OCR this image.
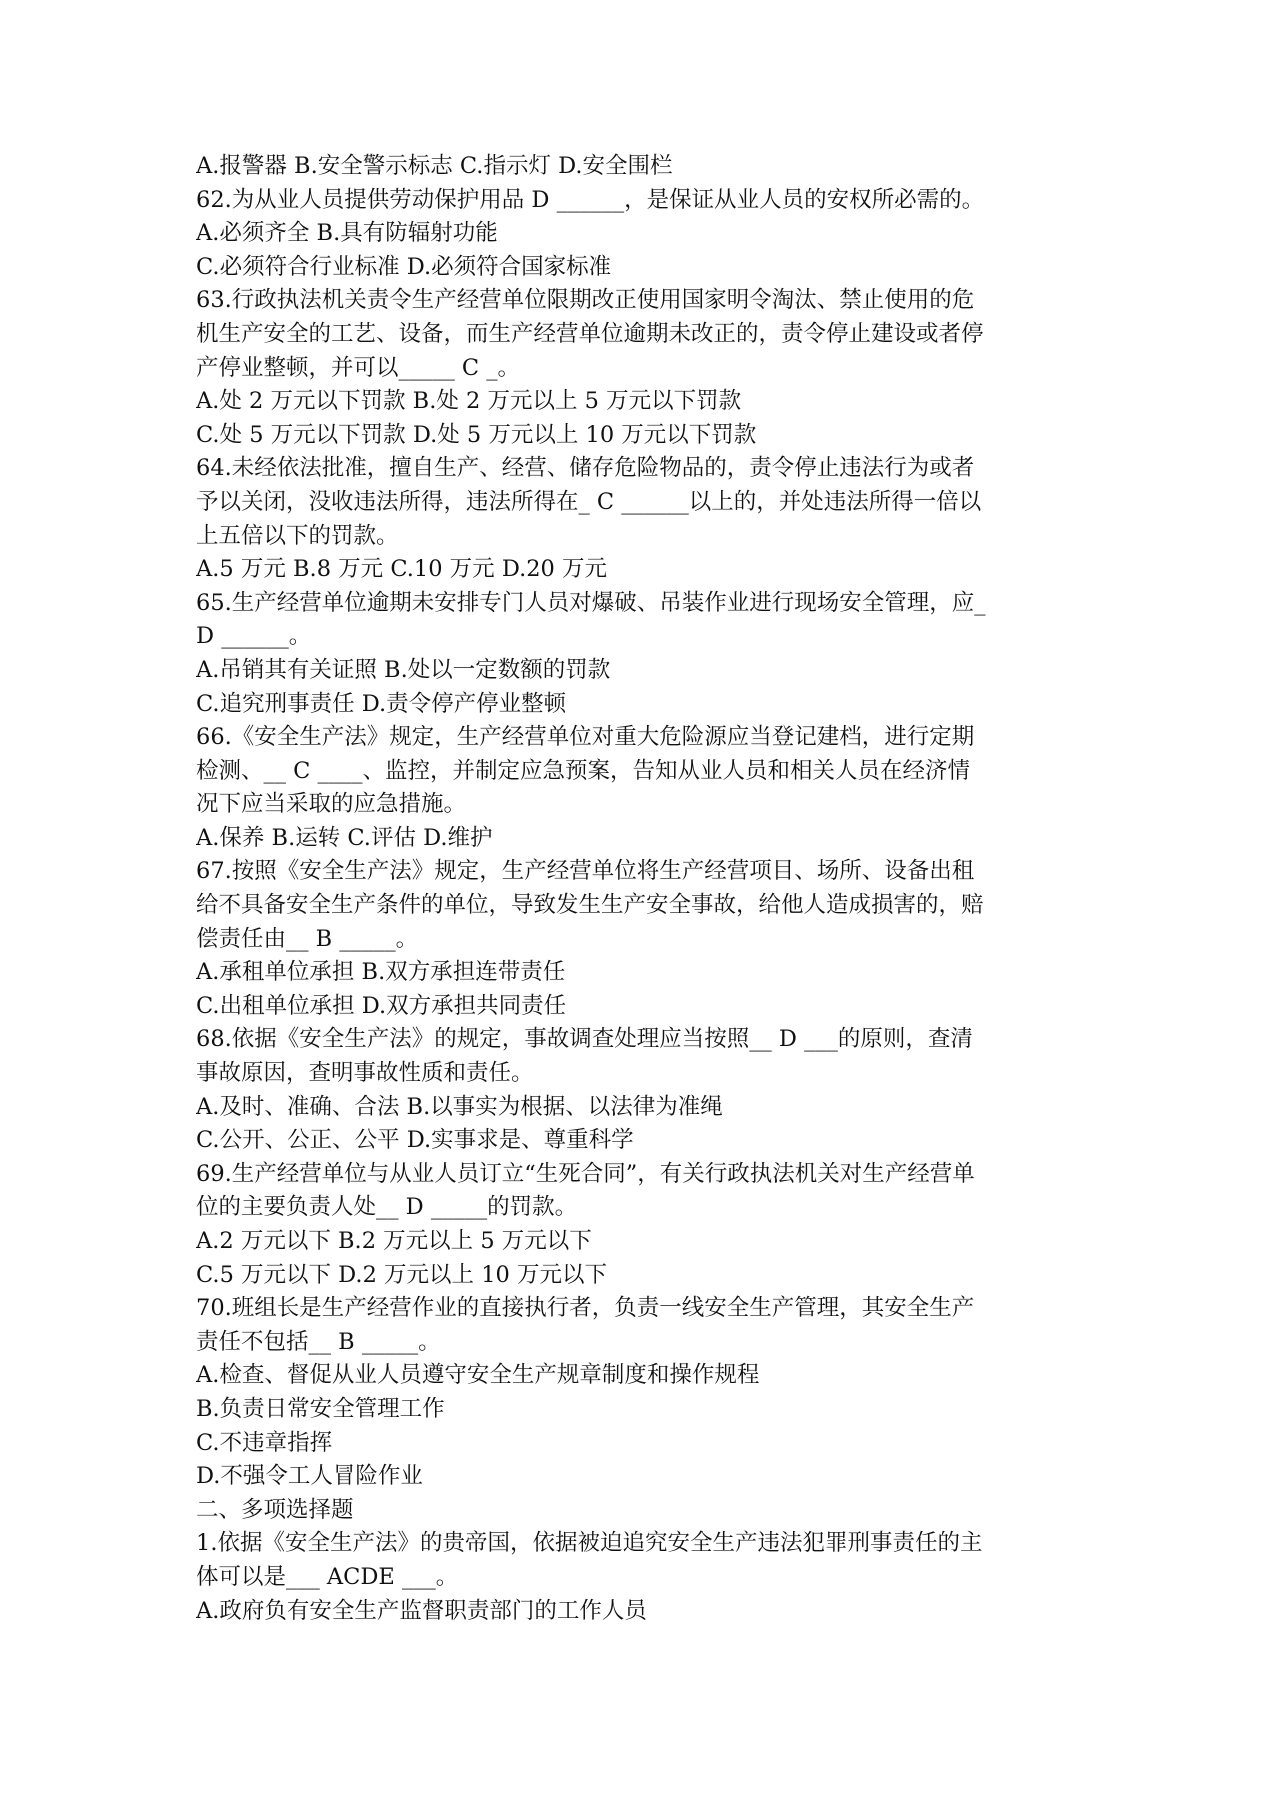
A.报警器 B.安全警示标志 C.指示灯 D.安全围栏
62.为从业人员提供劳动保护用品 D ______，是保证从业人员的安权所必需的。
A.必须齐全 B.具有防辐射功能
C.必须符合行业标准 D.必须符合国家标准
63.行政执法机关责令生产经营单位限期改正使用国家明令淘汰、禁止使用的危
机生产安全的工艺、设备，而生产经营单位逾期未改正的，责令停止建设或者停
产停业整顿，并可以_____ C _。
A.处 2 万元以下罚款 B.处 2 万元以上 5 万元以下罚款
C.处 5 万元以下罚款 D.处 5 万元以上 10 万元以下罚款
64.未经依法批准，擅自生产、经营、储存危险物品的，责令停止违法行为或者
予以关闭，没收违法所得，违法所得在_ C ______以上的，并处违法所得一倍以
上五倍以下的罚款。
A.5 万元 B.8 万元 C.10 万元 D.20 万元
65.生产经营单位逾期未安排专门人员对爆破、吊装作业进行现场安全管理，应_
D ______。
A.吊销其有关证照 B.处以一定数额的罚款
C.追究刑事责任 D.责令停产停业整顿
66.《安全生产法》规定，生产经营单位对重大危险源应当登记建档，进行定期
检测、__ C ____、监控，并制定应急预案，告知从业人员和相关人员在经济情
况下应当采取的应急措施。
A.保养 B.运转 C.评估 D.维护
67.按照《安全生产法》规定，生产经营单位将生产经营项目、场所、设备出租
给不具备安全生产条件的单位，导致发生生产安全事故，给他人造成损害的，赔
偿责任由__ B _____。
A.承租单位承担 B.双方承担连带责任
C.出租单位承担 D.双方承担共同责任
68.依据《安全生产法》的规定，事故调查处理应当按照__ D ___的原则，查清
事故原因，查明事故性质和责任。
A.及时、准确、合法 B.以事实为根据、以法律为准绳
C.公开、公正、公平 D.实事求是、尊重科学
69.生产经营单位与从业人员订立“生死合同”，有关行政执法机关对生产经营单
位的主要负责人处__ D _____的罚款。
A.2 万元以下 B.2 万元以上 5 万元以下
C.5 万元以下 D.2 万元以上 10 万元以下
70.班组长是生产经营作业的直接执行者，负责一线安全生产管理，其安全生产
责任不包括__ B _____。
A.检查、督促从业人员遵守安全生产规章制度和操作规程
B.负责日常安全管理工作
C.不违章指挥
D.不强令工人冒险作业
二、多项选择题
1.依据《安全生产法》的贵帝国，依据被迫追究安全生产违法犯罪刑事责任的主
体可以是___ ACDE ___。
A.政府负有安全生产监督职责部门的工作人员
